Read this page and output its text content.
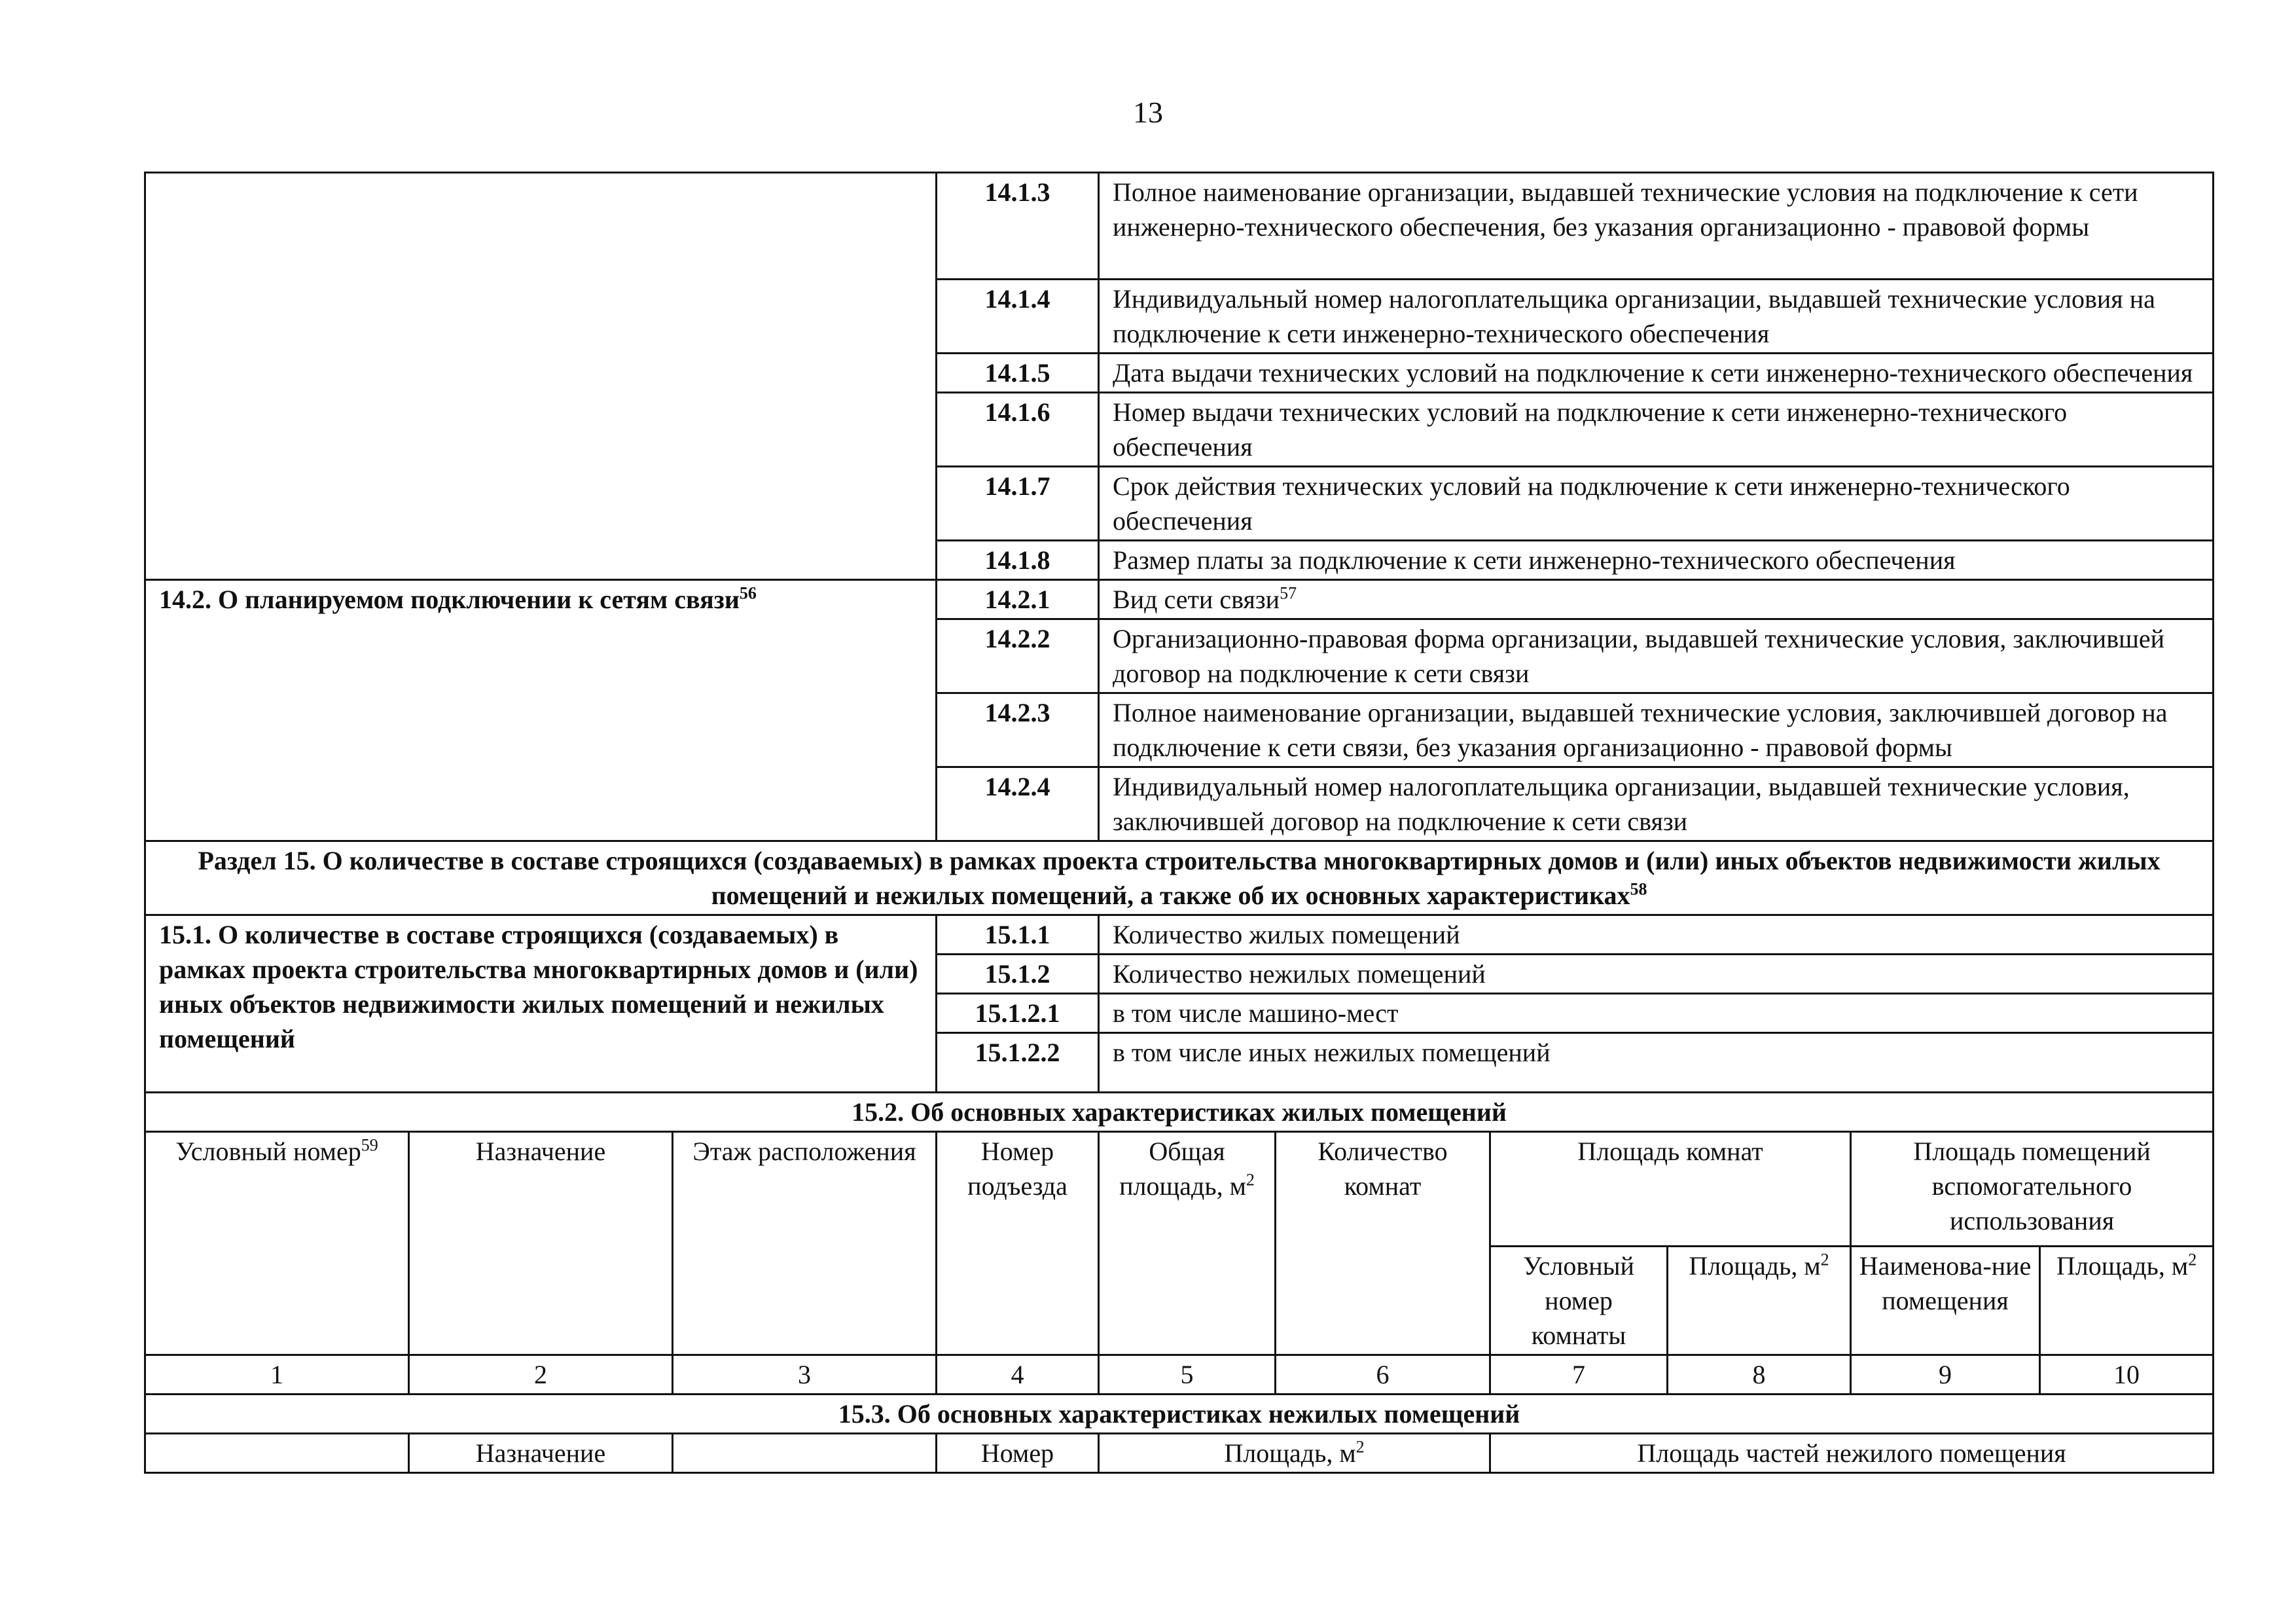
13
			14.1.3	Полное наименование организации, выдавшей технические условия на подключение к сети инженерно-технического обеспечения, без указания организационно - правовой формы					
			14.1.4	Индивидуальный номер налогоплательщика организации, выдавшей технические условия на подключение к сети инженерно-технического обеспечения					
			14.1.5	Дата выдачи технических условий на подключение к сети инженерно-технического обеспечения					
			14.1.6	Номер выдачи технических условий на подключение к сети инженерно-технического обеспечения					
			14.1.7	Срок действия технических условий на подключение к сети инженерно-технического обеспечения					
			14.1.8	Размер платы за подключение к сети инженерно-технического обеспечения					
14.2. О планируемом подключении к сетям связи$^{56}$			14.2.1	Вид сети связи$^{57}$
			14.2.2	Организационно-правовая форма организации, выдавшей технические условия, заключившей договор на подключение к сети связи					
			14.2.3	Полное наименование организации, выдавшей технические условия, заключившей договор на подключение к сети связи, без указания организационно - правовой формы					
			14.2.4	Индивидуальный номер налогоплательщика организации, выдавшей технические условия, заключившей договор на подключение к сети связи					
Раздел 15. О количестве в составе строящихся (создаваемых) в рамках проекта строительства многоквартирных домов и (или) иных объектов недвижимости жилых помещений и нежилых помещений, а также об их основных характеристиках$^{58}$
15.1. О количестве в составе строящихся (создаваемых) в рамках проекта строительства многоквартирных домов и (или) иных объектов недвижимости жилых помещений и нежилых помещений			15.1.1	Количество жилых помещений					
			15.1.2	Количество нежилых помещений					
			15.1.2.1	в том числе машино-мест					
			15.1.2.2	в том числе иных нежилых помещений					
15.2. Об основных характеристиках жилых помещений									
Условный номер$^{59}$	Назначение	Этаж расположения	Номер подъезда	Общая площадь, $м^2$	Количество комнат	Площадь комнат		Площадь помещений вспомогательного использования	
						Условный номер комнаты	Площадь, $м^2$	Наименова-ние помещения	Площадь, $м^2$
1	2	3	4	5	6	7	8	9	10
15.3. Об основных характеристиках нежилых помещений									
	Назначение		Номер	Площадь, $м^2$		Площадь частей нежилого помещения			
